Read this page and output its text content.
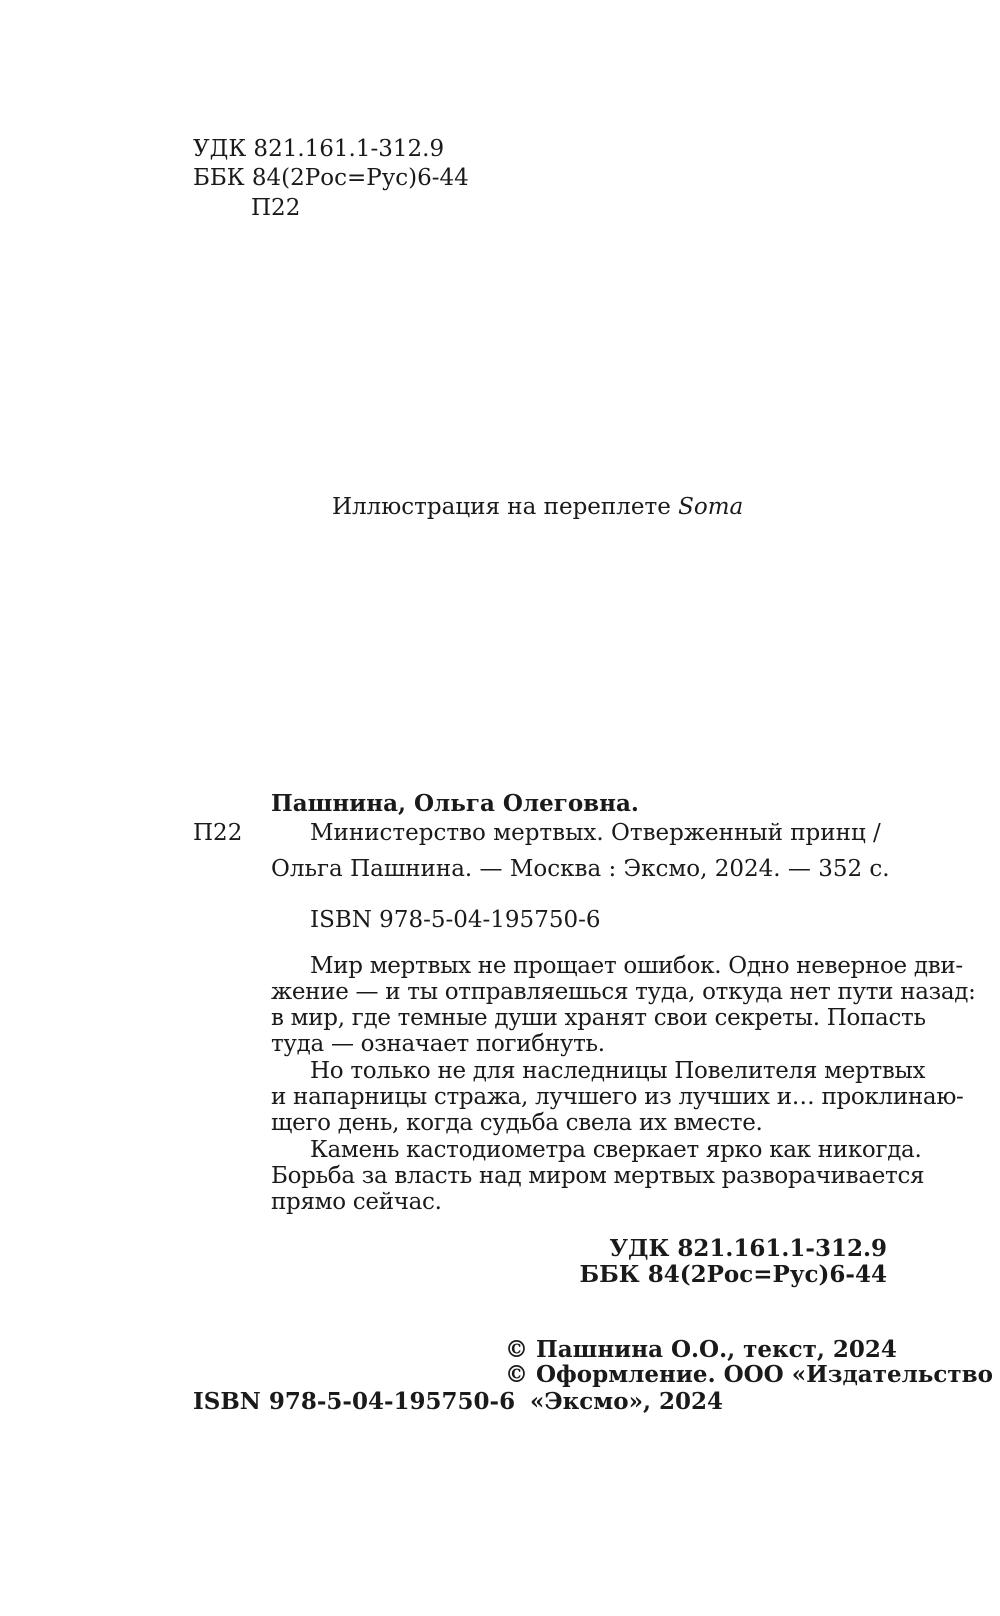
УДК 821.161.1-312.9
ББК 84(2Рос=Рус)6-44
П22
Иллюстрация на переплете Soma
Пашнина, Ольга Олеговна.
П22	Министерство мертвых. Отверженный принц /
Ольга Пашнина. — Москва : Эксмо, 2024. — 352 с.
ISBN 978-5-04-195750-6
Мир мертвых не прощает ошибок. Одно неверное дви-
жение — и ты отправляешься туда, откуда нет пути назад:
в мир, где темные души хранят свои секреты. Попасть
туда — означает погибнуть.
Но только не для наследницы Повелителя мертвых
и напарницы стража, лучшего из лучших и… проклинаю-
щего день, когда судьба свела их вместе.
Камень кастодиометра сверкает ярко как никогда.
Борьба за власть над миром мертвых разворачивается
прямо сейчас.
УДК 821.161.1-312.9
ББК 84(2Рос=Рус)6-44
© Пашнина О.О., текст, 2024
© Оформление. ООО «Издательство
ISBN 978-5-04-195750-6 «Эксмо», 2024
